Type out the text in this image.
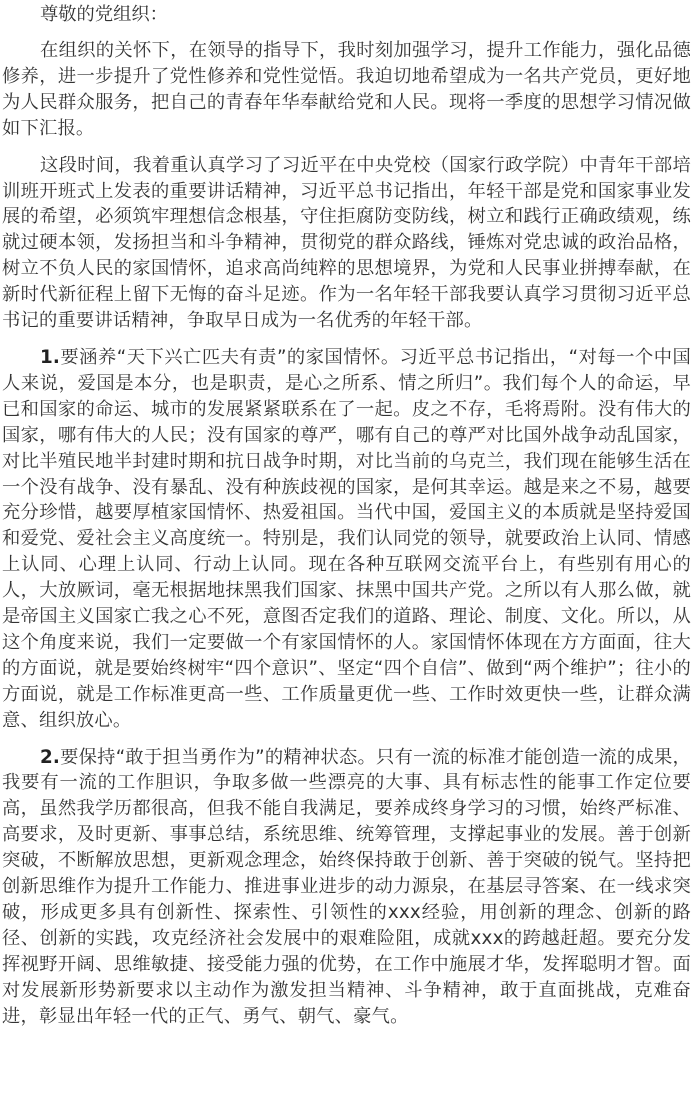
尊敬的党组织：

在组织的关怀下，在领导的指导下，我时刻加强学习，提升工作能力，强化品德修养，进一步提升了党性修养和党性觉悟。我迫切地希望成为一名共产党员，更好地为人民群众服务，把自己的青春年华奉献给党和人民。现将一季度的思想学习情况做如下汇报。

这段时间，我着重认真学习了习近平在中央党校（国家行政学院）中青年干部培训班开班式上发表的重要讲话精神，习近平总书记指出，年轻干部是党和国家事业发展的希望，必须筑牢理想信念根基，守住拒腐防变防线，树立和践行正确政绩观，练就过硬本领，发扬担当和斗争精神，贯彻党的群众路线，锤炼对党忠诚的政治品格，树立不负人民的家国情怀，追求高尚纯粹的思想境界，为党和人民事业拼搏奉献，在新时代新征程上留下无悔的奋斗足迹。作为一名年轻干部我要认真学习贯彻习近平总书记的重要讲话精神，争取早日成为一名优秀的年轻干部。

1.要涵养“天下兴亡匹夫有责”的家国情怀。习近平总书记指出，“对每一个中国人来说，爱国是本分，也是职责，是心之所系、情之所归”。我们每个人的命运，早已和国家的命运、城市的发展紧紧联系在了一起。皮之不存，毛将焉附。没有伟大的国家，哪有伟大的人民；没有国家的尊严，哪有自己的尊严对比国外战争动乱国家，对比半殖民地半封建时期和抗日战争时期，对比当前的乌克兰，我们现在能够生活在一个没有战争、没有暴乱、没有种族歧视的国家，是何其幸运。越是来之不易，越要充分珍惜，越要厚植家国情怀、热爱祖国。当代中国，爱国主义的本质就是坚持爱国和爱党、爱社会主义高度统一。特别是，我们认同党的领导，就要政治上认同、情感上认同、心理上认同、行动上认同。现在各种互联网交流平台上，有些别有用心的人，大放厥词，毫无根据地抹黑我们国家、抹黑中国共产党。之所以有人那么做，就是帝国主义国家亡我之心不死，意图否定我们的道路、理论、制度、文化。所以，从这个角度来说，我们一定要做一个有家国情怀的人。家国情怀体现在方方面面，往大的方面说，就是要始终树牢“四个意识”、坚定“四个自信”、做到“两个维护”；往小的方面说，就是工作标准更高一些、工作质量更优一些、工作时效更快一些，让群众满意、组织放心。

2.要保持“敢于担当勇作为”的精神状态。只有一流的标准才能创造一流的成果，我要有一流的工作胆识，争取多做一些漂亮的大事、具有标志性的能事工作定位要高，虽然我学历都很高，但我不能自我满足，要养成终身学习的习惯，始终严标准、高要求，及时更新、事事总结，系统思维、统筹管理，支撑起事业的发展。善于创新突破，不断解放思想，更新观念理念，始终保持敢于创新、善于突破的锐气。坚持把创新思维作为提升工作能力、推进事业进步的动力源泉，在基层寻答案、在一线求突破，形成更多具有创新性、探索性、引领性的xxx经验，用创新的理念、创新的路径、创新的实践，攻克经济社会发展中的艰难险阻，成就xxx的跨越赶超。要充分发挥视野开阔、思维敏捷、接受能力强的优势，在工作中施展才华，发挥聪明才智。面对发展新形势新要求以主动作为激发担当精神、斗争精神，敢于直面挑战，克难奋进，彰显出年轻一代的正气、勇气、朝气、豪气。
